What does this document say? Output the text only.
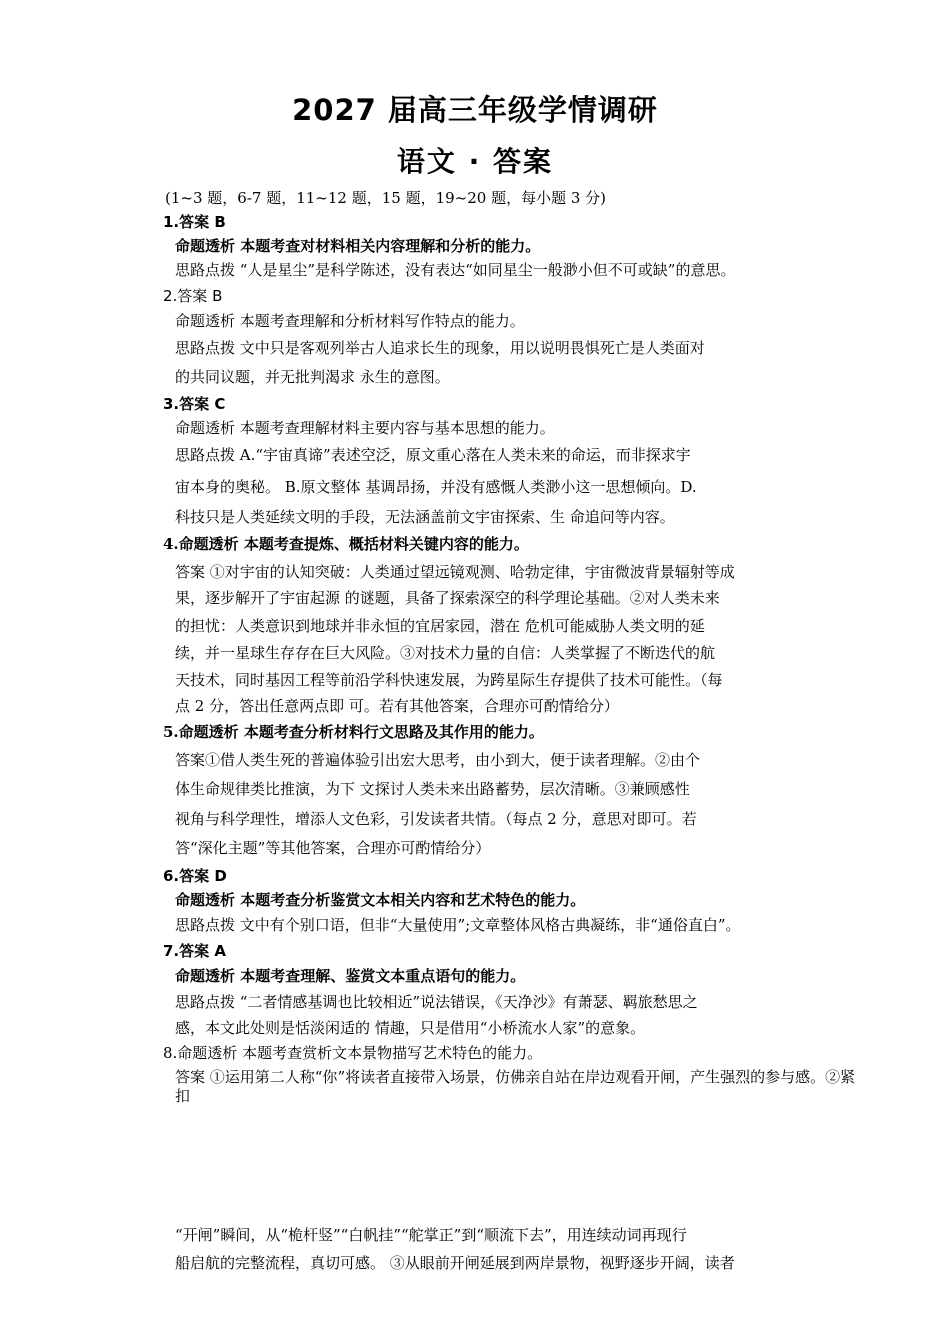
2027 届高三年级学情调研
语文 · 答案
(1~3 题，6-7 题，11~12 题，15 题，19~20 题，每小题 3 分)
1.答案 B
命题透析 本题考查对材料相关内容理解和分析的能力。
思路点拨 “人是星尘”是科学陈述，没有表达“如同星尘一般渺小但不可或缺”的意思。
2.答案 B
命题透析 本题考查理解和分析材料写作特点的能力。
思路点拨 文中只是客观列举古人追求长生的现象，用以说明畏惧死亡是人类面对
的共同议题，并无批判渴求 永生的意图。
3.答案 C
命题透析 本题考查理解材料主要内容与基本思想的能力。
思路点拨 A.“宇宙真谛”表述空泛，原文重心落在人类未来的命运，而非探求宇
宙本身的奥秘。 B.原文整体 基调昂扬，并没有感慨人类渺小这一思想倾向。D.
科技只是人类延续文明的手段，无法涵盖前文宇宙探索、生 命追问等内容。
4.命题透析 本题考查提炼、概括材料关键内容的能力。
答案 ①对宇宙的认知突破：人类通过望远镜观测、哈勃定律，宇宙微波背景辐射等成
果，逐步解开了宇宙起源 的谜题，具备了探索深空的科学理论基础。②对人类未来
的担忧：人类意识到地球并非永恒的宜居家园，潜在 危机可能威胁人类文明的延
续，并一星球生存存在巨大风险。③对技术力量的自信：人类掌握了不断迭代的航
天技术，同时基因工程等前沿学科快速发展，为跨星际生存提供了技术可能性。（每
点 2 分，答出任意两点即 可。若有其他答案，合理亦可酌情给分）
5.命题透析 本题考查分析材料行文思路及其作用的能力。
答案①借人类生死的普遍体验引出宏大思考，由小到大，便于读者理解。②由个
体生命规律类比推演，为下 文探讨人类未来出路蓄势，层次清晰。③兼顾感性
视角与科学理性，增添人文色彩，引发读者共情。（每点 2 分，意思对即可。若
答“深化主题”等其他答案，合理亦可酌情给分）
6.答案 D
命题透析 本题考查分析鉴赏文本相关内容和艺术特色的能力。
思路点拨 文中有个别口语，但非“大量使用”;文章整体风格古典凝练，非“通俗直白”。
7.答案 A
命题透析 本题考查理解、鉴赏文本重点语句的能力。
思路点拨 “二者情感基调也比较相近”说法错误，《天净沙》有萧瑟、羁旅愁思之
感，本文此处则是恬淡闲适的 情趣，只是借用“小桥流水人家”的意象。
8.命题透析 本题考查赏析文本景物描写艺术特色的能力。
答案 ①运用第二人称“你”将读者直接带入场景，仿佛亲自站在岸边观看开闸，产生强烈的参与感。②紧
扣
“开闸”瞬间，从“桅杆竖”“白帆挂”“舵掌正”到“顺流下去”，用连续动词再现行
船启航的完整流程，真切可感。 ③从眼前开闸延展到两岸景物，视野逐步开阔，读者
